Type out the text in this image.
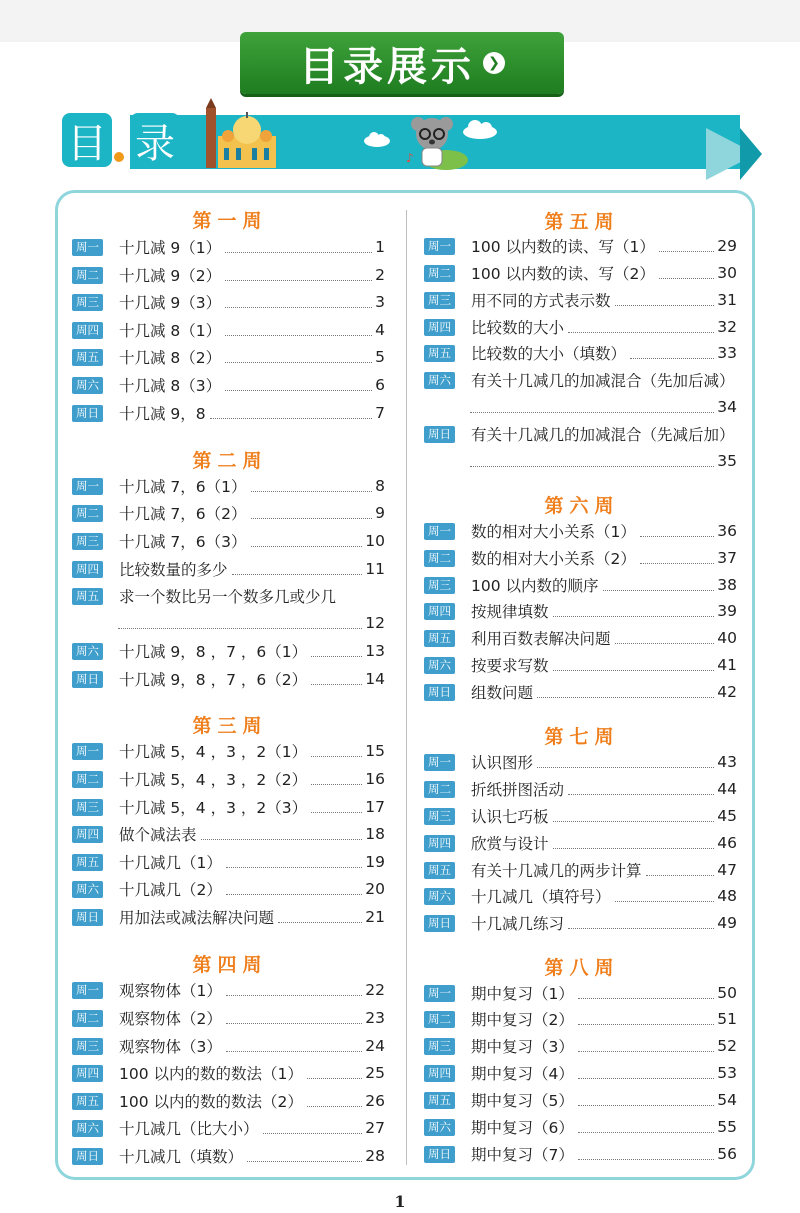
目录展示 ❯
目 录	♪
第一周
周一 十几减 9（1）	1
周二 十几减 9（2）	2
周三 十几减 9（3）	3
周四 十几减 8（1）	4
周五 十几减 8（2）	5
周六 十几减 8（3）	6
周日 十几减 9，8	7
第二周
周一 十几减 7，6（1）	8
周二 十几减 7，6（2）	9
周三 十几减 7，6（3）	10
周四 比较数量的多少	11
周五 求一个数比另一个数多几或少几
12
周六 十几减 9，8 ，7 ，6（1）	13
周日 十几减 9，8 ，7 ，6（2）	14
第三周
周一 十几减 5，4 ，3 ，2（1）	15
周二 十几减 5，4 ，3 ，2（2）	16
周三 十几减 5，4 ，3 ，2（3）	17
周四 做个减法表	18
周五 十几减几（1）	19
周六 十几减几（2）	20
周日 用加法或减法解决问题	21
第四周
周一 观察物体（1）	22
周二 观察物体（2）	23
周三 观察物体（3）	24
周四 100 以内的数的数法（1）	25
周五 100 以内的数的数法（2）	26
周六 十几减几（比大小）	27
周日 十几减几（填数）	28
第五周
周一 100 以内数的读、写（1）	29
周二 100 以内数的读、写（2）	30
周三 用不同的方式表示数	31
周四 比较数的大小	32
周五 比较数的大小（填数）	33
周六 有关十几减几的加减混合（先加后减）
34
周日 有关十几减几的加减混合（先减后加）
35
第六周
周一 数的相对大小关系（1）	36
周二 数的相对大小关系（2）	37
周三 100 以内数的顺序	38
周四 按规律填数	39
周五 利用百数表解决问题	40
周六 按要求写数	41
周日 组数问题	42
第七周
周一 认识图形	43
周二 折纸拼图活动	44
周三 认识七巧板	45
周四 欣赏与设计	46
周五 有关十几减几的两步计算	47
周六 十几减几（填符号）	48
周日 十几减几练习	49
第八周
周一 期中复习（1）	50
周二 期中复习（2）	51
周三 期中复习（3）	52
周四 期中复习（4）	53
周五 期中复习（5）	54
周六 期中复习（6）	55
周日 期中复习（7）	56
1
